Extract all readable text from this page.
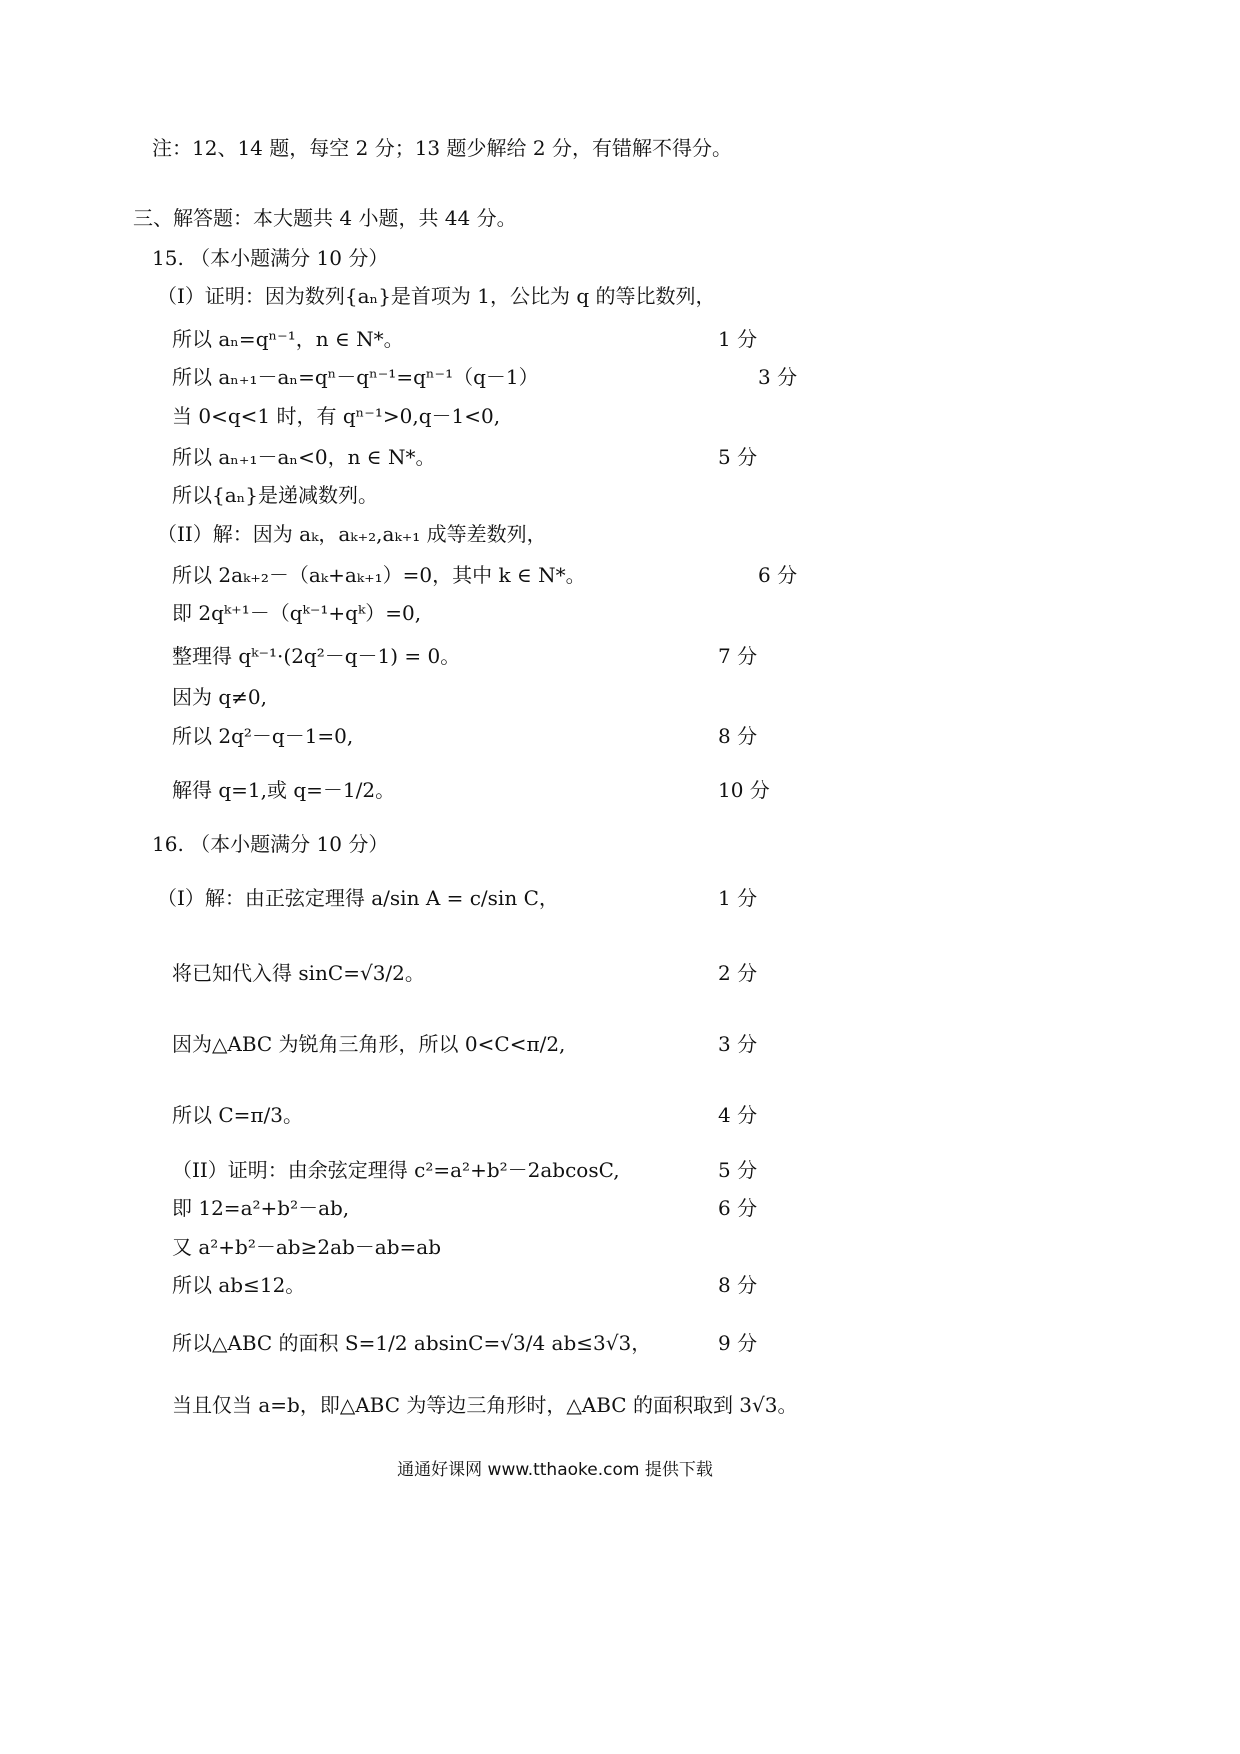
注：12、14 题，每空 2 分；13 题少解给 2 分，有错解不得分。
三、解答题：本大题共 4 小题，共 44 分。
15. （本小题满分 10 分）
（I）证明：因为数列{aₙ}是首项为 1，公比为 q 的等比数列，
所以 aₙ=qⁿ⁻¹，n ∈ N*。	1 分
所以 aₙ₊₁－aₙ=qⁿ－qⁿ⁻¹=qⁿ⁻¹（q－1）	3 分
当 0<q<1 时，有 qⁿ⁻¹>0,q－1<0,
所以 aₙ₊₁－aₙ<0，n ∈ N*。	5 分
所以{aₙ}是递减数列。
（II）解：因为 aₖ，aₖ₊₂,aₖ₊₁ 成等差数列，
所以 2aₖ₊₂－（aₖ+aₖ₊₁）=0，其中 k ∈ N*。	6 分
即 2qᵏ⁺¹－（qᵏ⁻¹+qᵏ）=0,
整理得 qᵏ⁻¹·(2q²－q－1) = 0。	7 分
因为 q≠0,
所以 2q²－q－1=0,	8 分
解得 q=1,或 q=－1/2。	10 分
16. （本小题满分 10 分）
（I）解：由正弦定理得 a/sin A = c/sin C，	1 分
将已知代入得 sinC=√3/2。	2 分
因为△ABC 为锐角三角形，所以 0<C<π/2,	3 分
所以 C=π/3。	4 分
（II）证明：由余弦定理得 c²=a²+b²－2abcosC,	5 分
即 12=a²+b²－ab,	6 分
又 a²+b²－ab≥2ab－ab=ab
所以 ab≤12。	8 分
所以△ABC 的面积 S=1/2 absinC=√3/4 ab≤3√3，	9 分
当且仅当 a=b，即△ABC 为等边三角形时，△ABC 的面积取到 3√3。
通通好课网 www.tthaoke.com 提供下载
